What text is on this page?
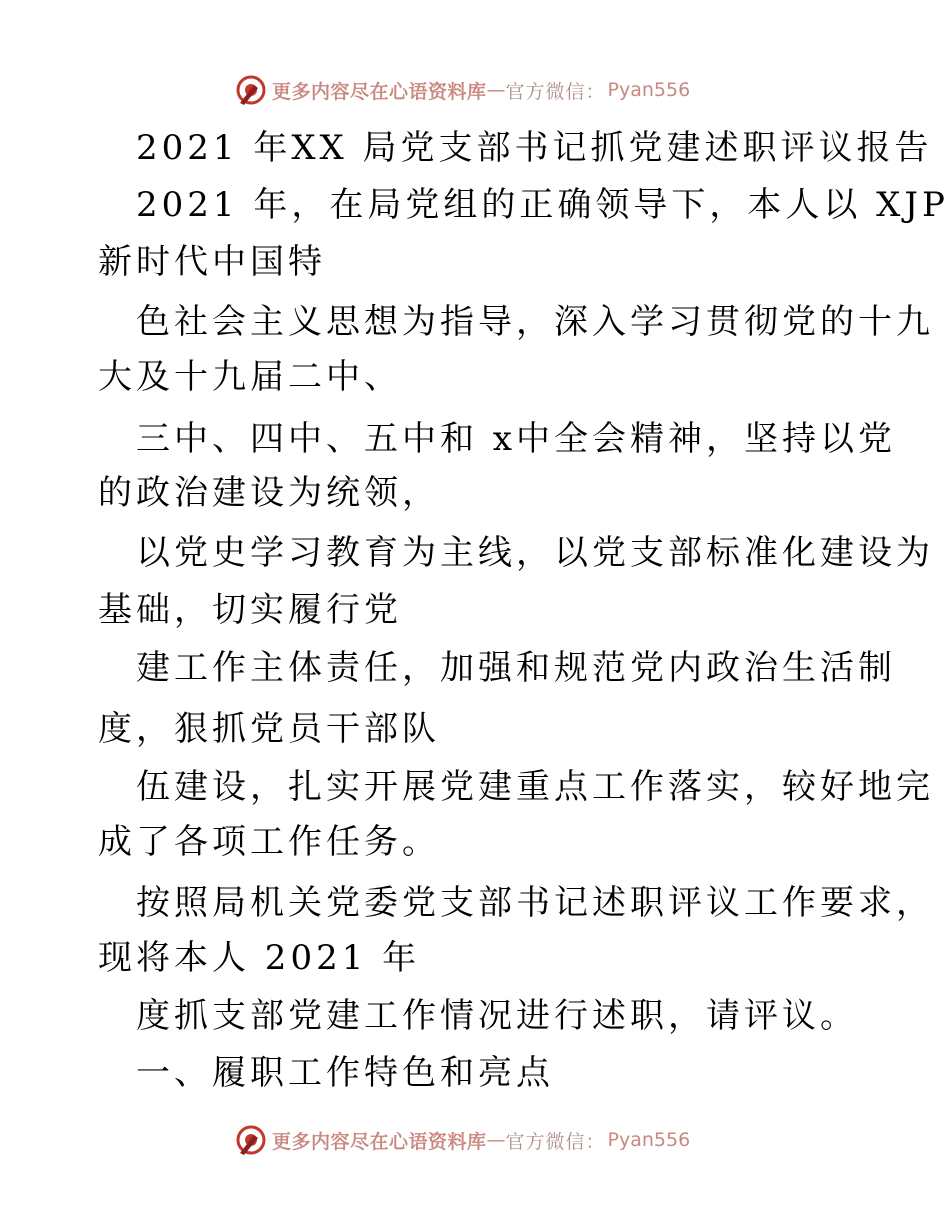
更多内容尽在心语资料库 — 官方微信： Pyan556
2021 年XX 局党支部书记抓党建述职评议报告
2021 年，在局党组的正确领导下，本人以 XJP
新时代中国特
色社会主义思想为指导，深入学习贯彻党的十九
大及十九届二中、
三中、四中、五中和 x中全会精神，坚持以党
的政治建设为统领，
以党史学习教育为主线，以党支部标准化建设为
基础，切实履行党
建工作主体责任，加强和规范党内政治生活制
度，狠抓党员干部队
伍建设，扎实开展党建重点工作落实，较好地完
成了各项工作任务。
按照局机关党委党支部书记述职评议工作要求，
现将本人 2021 年
度抓支部党建工作情况进行述职，请评议。
一、履职工作特色和亮点
更多内容尽在心语资料库 — 官方微信： Pyan556
